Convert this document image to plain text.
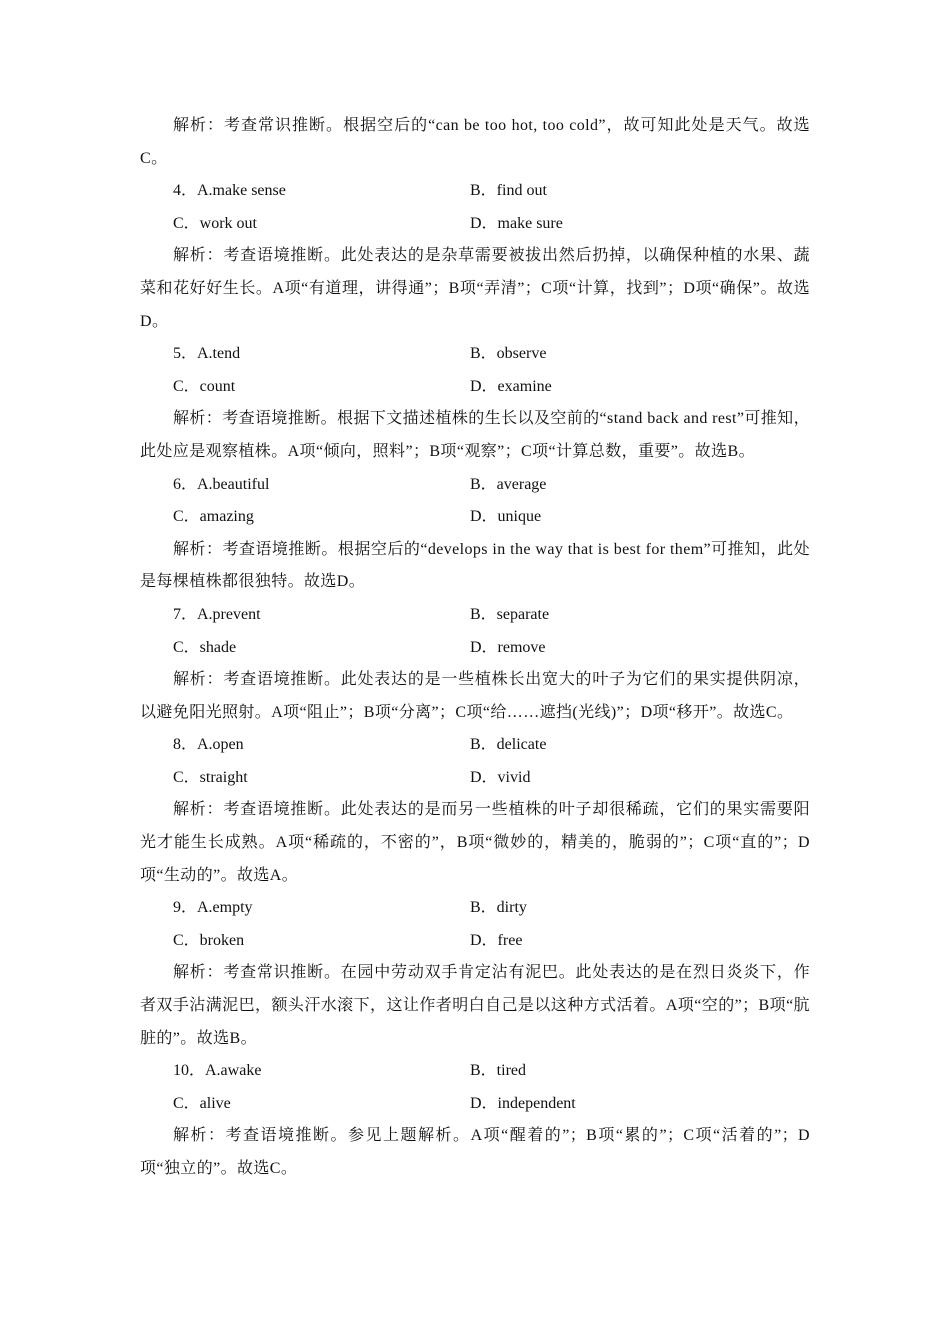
解析：考查常识推断。根据空后的“can be too hot, too cold”，故可知此处是天气。故选C。

4．A.make sense	B．find out
C．work out	D．make sure

解析：考查语境推断。此处表达的是杂草需要被拔出然后扔掉，以确保种植的水果、蔬菜和花好好生长。A项“有道理，讲得通”；B项“弄清”；C项“计算，找到”；D项“确保”。故选D。

5．A.tend	B．observe
C．count	D．examine

解析：考查语境推断。根据下文描述植株的生长以及空前的“stand back and rest”可推知，此处应是观察植株。A项“倾向，照料”；B项“观察”；C项“计算总数，重要”。故选B。

6．A.beautiful	B．average
C．amazing	D．unique

解析：考查语境推断。根据空后的“develops in the way that is best for them”可推知，此处是每棵植株都很独特。故选D。

7．A.prevent	B．separate
C．shade	D．remove

解析：考查语境推断。此处表达的是一些植株长出宽大的叶子为它们的果实提供阴凉，以避免阳光照射。A项“阻止”；B项“分离”；C项“给……遮挡(光线)”；D项“移开”。故选C。

8．A.open	B．delicate
C．straight	D．vivid

解析：考查语境推断。此处表达的是而另一些植株的叶子却很稀疏，它们的果实需要阳光才能生长成熟。A项“稀疏的，不密的”，B项“微妙的，精美的，脆弱的”；C项“直的”；D项“生动的”。故选A。

9．A.empty	B．dirty
C．broken	D．free

解析：考查常识推断。在园中劳动双手肯定沾有泥巴。此处表达的是在烈日炎炎下，作者双手沾满泥巴，额头汗水滚下，这让作者明白自己是以这种方式活着。A项“空的”；B项“肮脏的”。故选B。

10．A.awake	B．tired
C．alive	D．independent

解析：考查语境推断。参见上题解析。A项“醒着的”；B项“累的”；C项“活着的”；D项“独立的”。故选C。
